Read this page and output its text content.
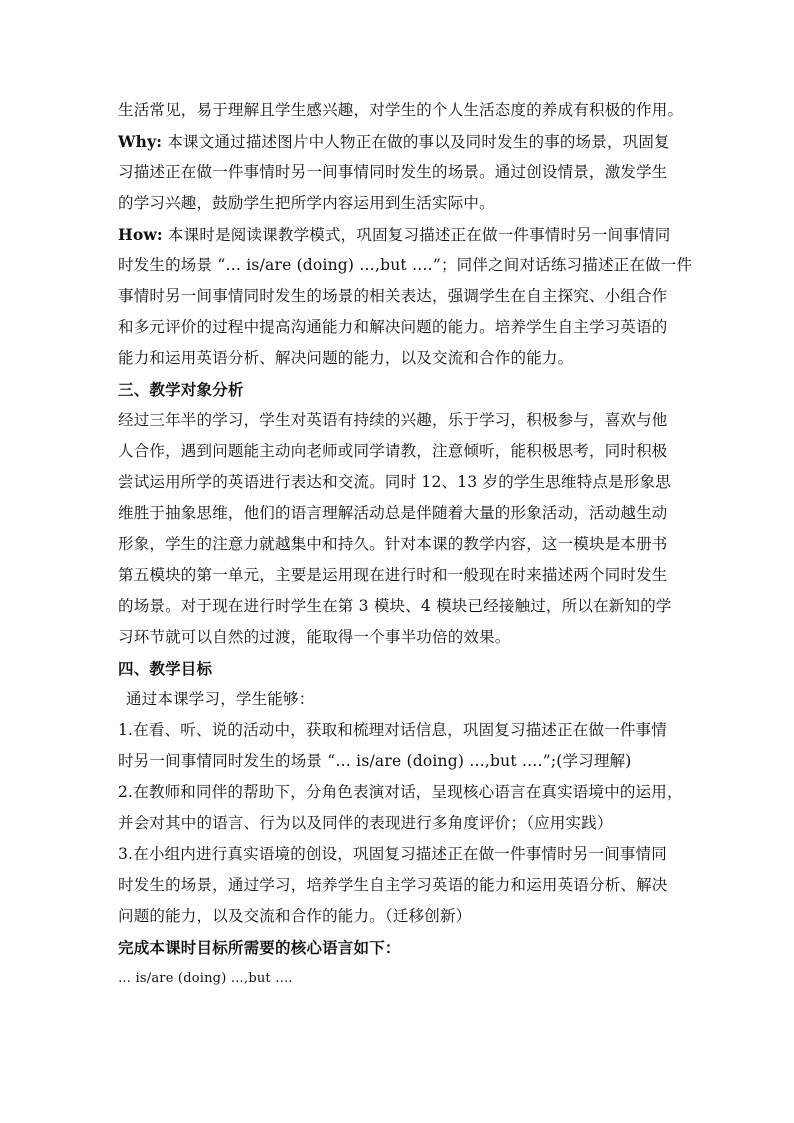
生活常见，易于理解且学生感兴趣，对学生的个人生活态度的养成有积极的作用。
Why: 本课文通过描述图片中人物正在做的事以及同时发生的事的场景，巩固复
习描述正在做一件事情时另一间事情同时发生的场景。通过创设情景，激发学生
的学习兴趣，鼓励学生把所学内容运用到生活实际中。
How: 本课时是阅读课教学模式，巩固复习描述正在做一件事情时另一间事情同
时发生的场景 “… is/are (doing) …,but ….”；同伴之间对话练习描述正在做一件
事情时另一间事情同时发生的场景的相关表达，强调学生在自主探究、小组合作
和多元评价的过程中提高沟通能力和解决问题的能力。培养学生自主学习英语的
能力和运用英语分析、解决问题的能力，以及交流和合作的能力。
三、教学对象分析
经过三年半的学习，学生对英语有持续的兴趣，乐于学习，积极参与，喜欢与他
人合作，遇到问题能主动向老师或同学请教，注意倾听，能积极思考，同时积极
尝试运用所学的英语进行表达和交流。同时 12、13 岁的学生思维特点是形象思
维胜于抽象思维，他们的语言理解活动总是伴随着大量的形象活动，活动越生动
形象，学生的注意力就越集中和持久。针对本课的教学内容，这一模块是本册书
第五模块的第一单元，主要是运用现在进行时和一般现在时来描述两个同时发生
的场景。对于现在进行时学生在第 3 模块、4 模块已经接触过，所以在新知的学
习环节就可以自然的过渡，能取得一个事半功倍的效果。
四、教学目标
通过本课学习，学生能够：
1.在看、听、说的活动中，获取和梳理对话信息，巩固复习描述正在做一件事情
时另一间事情同时发生的场景 “… is/are (doing) …,but ….”;(学习理解)
2.在教师和同伴的帮助下，分角色表演对话，呈现核心语言在真实语境中的运用，
并会对其中的语言、行为以及同伴的表现进行多角度评价；（应用实践）
3.在小组内进行真实语境的创设，巩固复习描述正在做一件事情时另一间事情同
时发生的场景，通过学习，培养学生自主学习英语的能力和运用英语分析、解决
问题的能力，以及交流和合作的能力。（迁移创新）
完成本课时目标所需要的核心语言如下：
… is/are (doing) …,but ….
